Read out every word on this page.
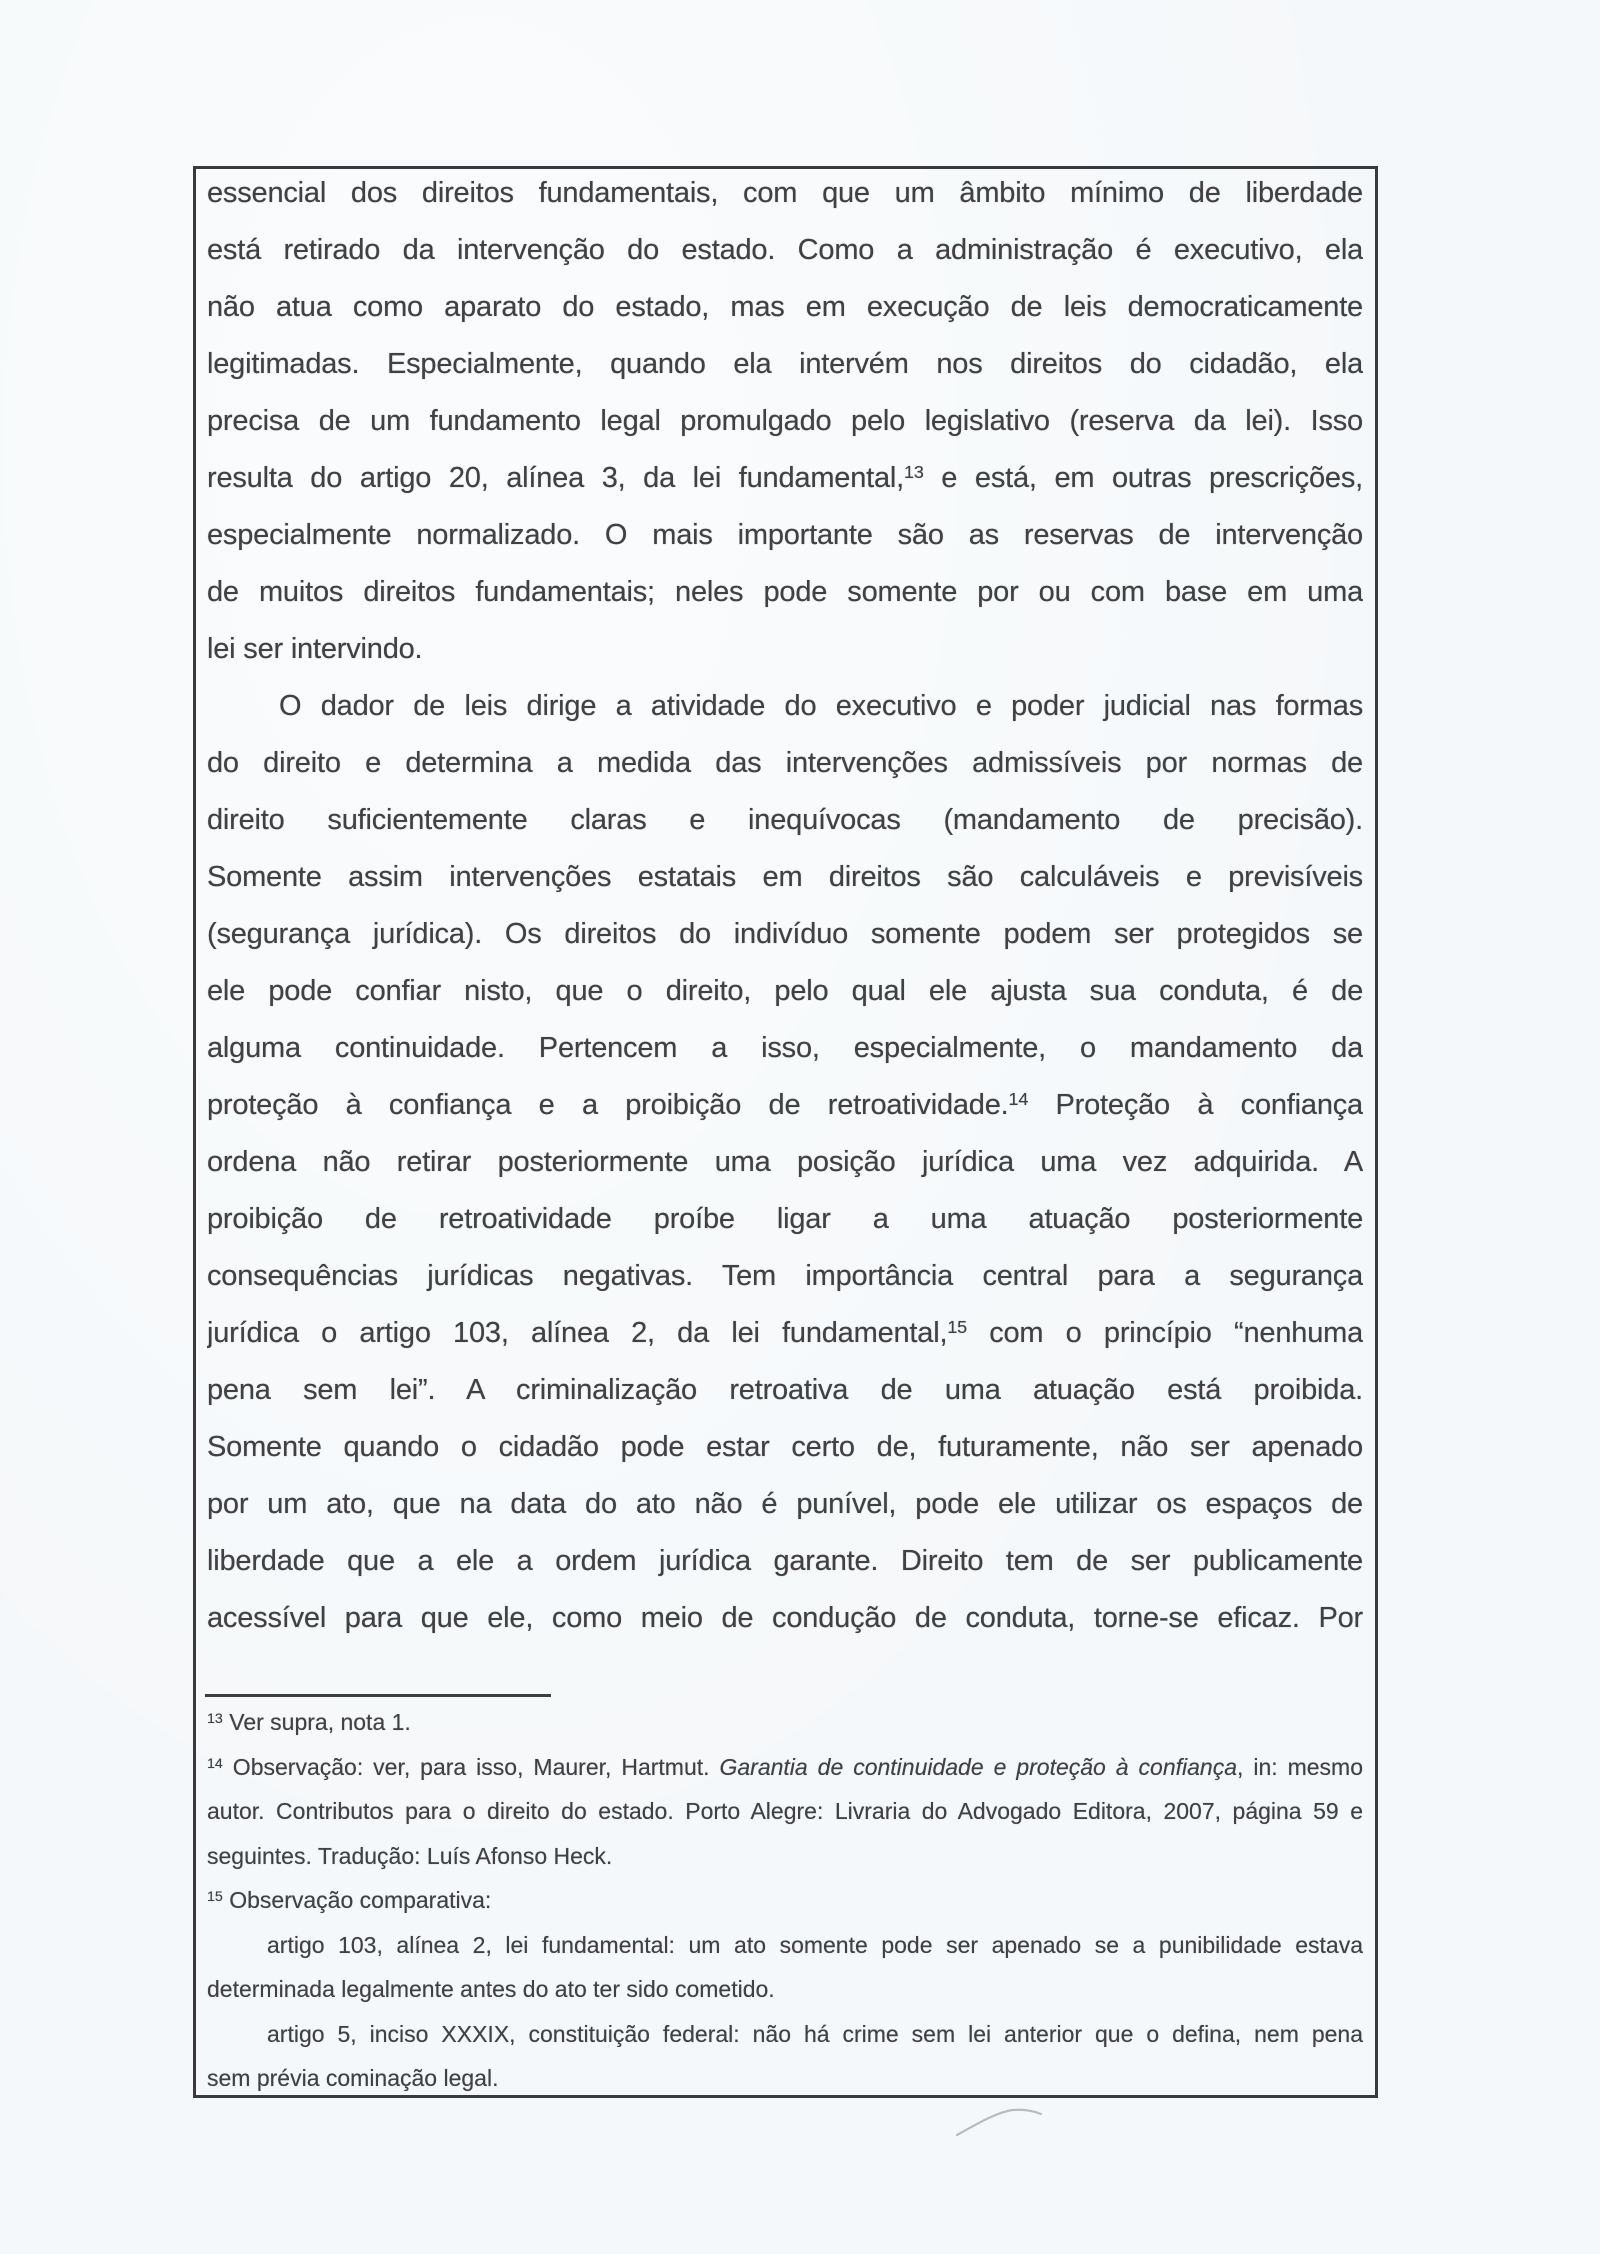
essencial dos direitos fundamentais, com que um âmbito mínimo de liberdade
está retirado da intervenção do estado. Como a administração é executivo, ela
não atua como aparato do estado, mas em execução de leis democraticamente
legitimadas. Especialmente, quando ela intervém nos direitos do cidadão, ela
precisa de um fundamento legal promulgado pelo legislativo (reserva da lei). Isso
resulta do artigo 20, alínea 3, da lei fundamental,$^{13}$ e está, em outras prescrições,
especialmente normalizado. O mais importante são as reservas de intervenção
de muitos direitos fundamentais; neles pode somente por ou com base em uma
lei ser intervindo.
O dador de leis dirige a atividade do executivo e poder judicial nas formas
do direito e determina a medida das intervenções admissíveis por normas de
direito suficientemente claras e inequívocas (mandamento de precisão).
Somente assim intervenções estatais em direitos são calculáveis e previsíveis
(segurança jurídica). Os direitos do indivíduo somente podem ser protegidos se
ele pode confiar nisto, que o direito, pelo qual ele ajusta sua conduta, é de
alguma continuidade. Pertencem a isso, especialmente, o mandamento da
proteção à confiança e a proibição de retroatividade.$^{14}$ Proteção à confiança
ordena não retirar posteriormente uma posição jurídica uma vez adquirida. A
proibição de retroatividade proíbe ligar a uma atuação posteriormente
consequências jurídicas negativas. Tem importância central para a segurança
jurídica o artigo 103, alínea 2, da lei fundamental,$^{15}$ com o princípio “nenhuma
pena sem lei”. A criminalização retroativa de uma atuação está proibida.
Somente quando o cidadão pode estar certo de, futuramente, não ser apenado
por um ato, que na data do ato não é punível, pode ele utilizar os espaços de
liberdade que a ele a ordem jurídica garante. Direito tem de ser publicamente
acessível para que ele, como meio de condução de conduta, torne-se eficaz. Por
$^{13}$ Ver supra, nota 1.
$^{14}$ Observação: ver, para isso, Maurer, Hartmut. Garantia de continuidade e proteção à confiança, in: mesmo
autor. Contributos para o direito do estado. Porto Alegre: Livraria do Advogado Editora, 2007, página 59 e
seguintes. Tradução: Luís Afonso Heck.
$^{15}$ Observação comparativa:
artigo 103, alínea 2, lei fundamental: um ato somente pode ser apenado se a punibilidade estava
determinada legalmente antes do ato ter sido cometido.
artigo 5, inciso XXXIX, constituição federal: não há crime sem lei anterior que o defina, nem pena
sem prévia cominação legal.
